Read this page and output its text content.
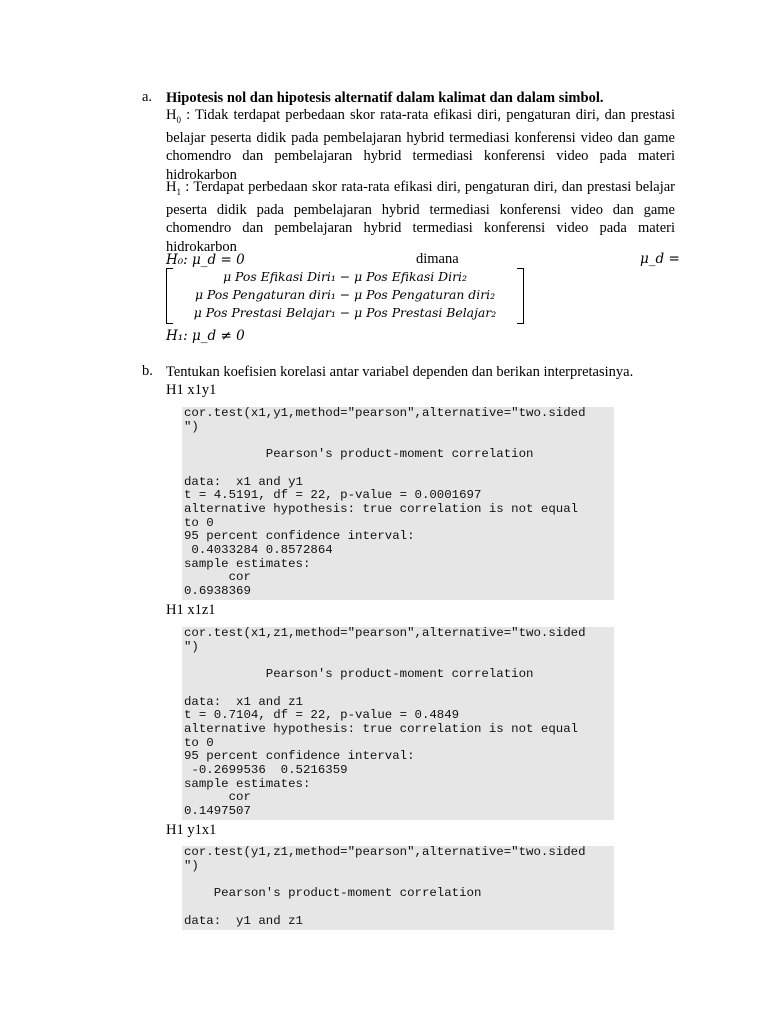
a. Hipotesis nol dan hipotesis alternatif dalam kalimat dan dalam simbol.
$H_0$ : Tidak terdapat perbedaan skor rata-rata efikasi diri, pengaturan diri, dan prestasi belajar peserta didik pada pembelajaran hybrid termediasi konferensi video dan game chomendro dan pembelajaran hybrid termediasi konferensi video pada materi hidrokarbon
$H_1$ : Terdapat perbedaan skor rata-rata efikasi diri, pengaturan diri, dan prestasi belajar peserta didik pada pembelajaran hybrid termediasi konferensi video dan game chomendro dan pembelajaran hybrid termediasi konferensi video pada materi hidrokarbon
H₀: μ_d = 0	dimana	μ_d =
μ Pos Efikasi Diri₁ − μ Pos Efikasi Diri₂
μ Pos Pengaturan diri₁ − μ Pos Pengaturan diri₂
μ Pos Prestasi Belajar₁ − μ Pos Prestasi Belajar₂
H₁: μ_d ≠ 0
b. Tentukan koefisien korelasi antar variabel dependen dan berikan interpretasinya.
H1 x1y1
cor.test(x1,y1,method="pearson",alternative="two.sided
")

Pearson's product-moment correlation

data:  x1 and y1
t = 4.5191, df = 22, p-value = 0.0001697
alternative hypothesis: true correlation is not equal
to 0
95 percent confidence interval:
0.4033284 0.8572864
sample estimates:
cor
0.6938369
H1 x1z1
cor.test(x1,z1,method="pearson",alternative="two.sided
")

Pearson's product-moment correlation

data:  x1 and z1
t = 0.7104, df = 22, p-value = 0.4849
alternative hypothesis: true correlation is not equal
to 0
95 percent confidence interval:
-0.2699536  0.5216359
sample estimates:
cor
0.1497507
H1 y1x1
cor.test(y1,z1,method="pearson",alternative="two.sided
")

Pearson's product-moment correlation

data:  y1 and z1
